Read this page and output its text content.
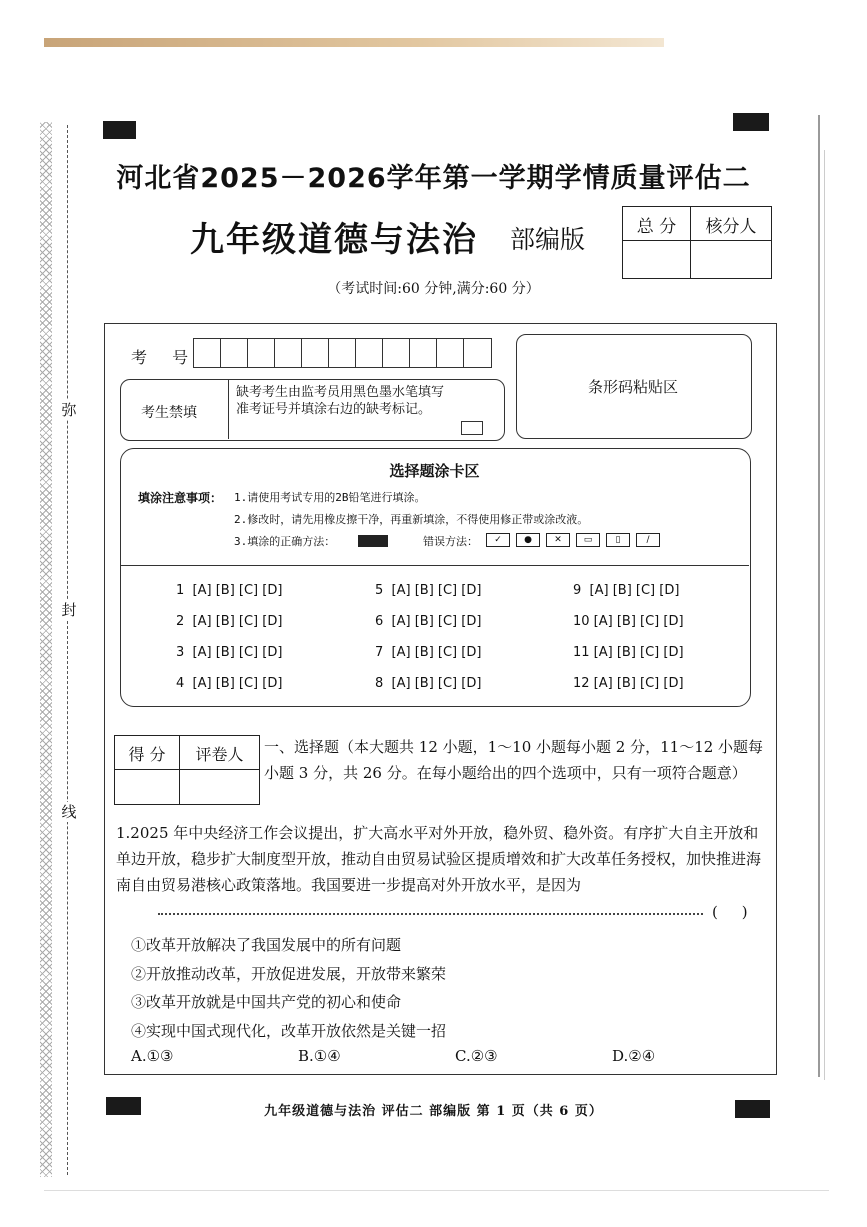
弥
封
线
河北省2025－2026学年第一学期学情质量评估二
九年级道德与法治 部编版	总 分	核分人
（考试时间:60 分钟,满分:60 分）
考 号
考生禁填
缺考考生由监考员用黑色墨水笔填写准考证号并填涂右边的缺考标记。
条形码粘贴区
选择题涂卡区
填涂注意事项： 1.请使用考试专用的2B铅笔进行填涂。
2.修改时，请先用橡皮擦干净，再重新填涂，不得使用修正带或涂改液。
3.填涂的正确方法：	错误方法：	✓	●	✕	▭	▯	∕
1  [A] [B] [C] [D]	5  [A] [B] [C] [D]	9  [A] [B] [C] [D]
2  [A] [B] [C] [D]	6  [A] [B] [C] [D]	10 [A] [B] [C] [D]
3  [A] [B] [C] [D]	7  [A] [B] [C] [D]	11 [A] [B] [C] [D]
4  [A] [B] [C] [D]	8  [A] [B] [C] [D]	12 [A] [B] [C] [D]
得 分	评卷人	一、选择题（本大题共 12 小题，1～10 小题每小题 2 分，11～12 小题每小题 3 分，共 26 分。在每小题给出的四个选项中，只有一项符合题意）
1.2025 年中央经济工作会议提出，扩大高水平对外开放，稳外贸、稳外资。有序扩大自主开放和单边开放，稳步扩大制度型开放，推动自由贸易试验区提质增效和扩大改革任务授权，加快推进海南自由贸易港核心政策落地。我国要进一步提高对外开放水平，是因为
(     )
①改革开放解决了我国发展中的所有问题
②开放推动改革，开放促进发展，开放带来繁荣
③改革开放就是中国共产党的初心和使命
④实现中国式现代化，改革开放依然是关键一招
A.①③	B.①④	C.②③	D.②④
九年级道德与法治 评估二 部编版 第 1 页（共 6 页）
